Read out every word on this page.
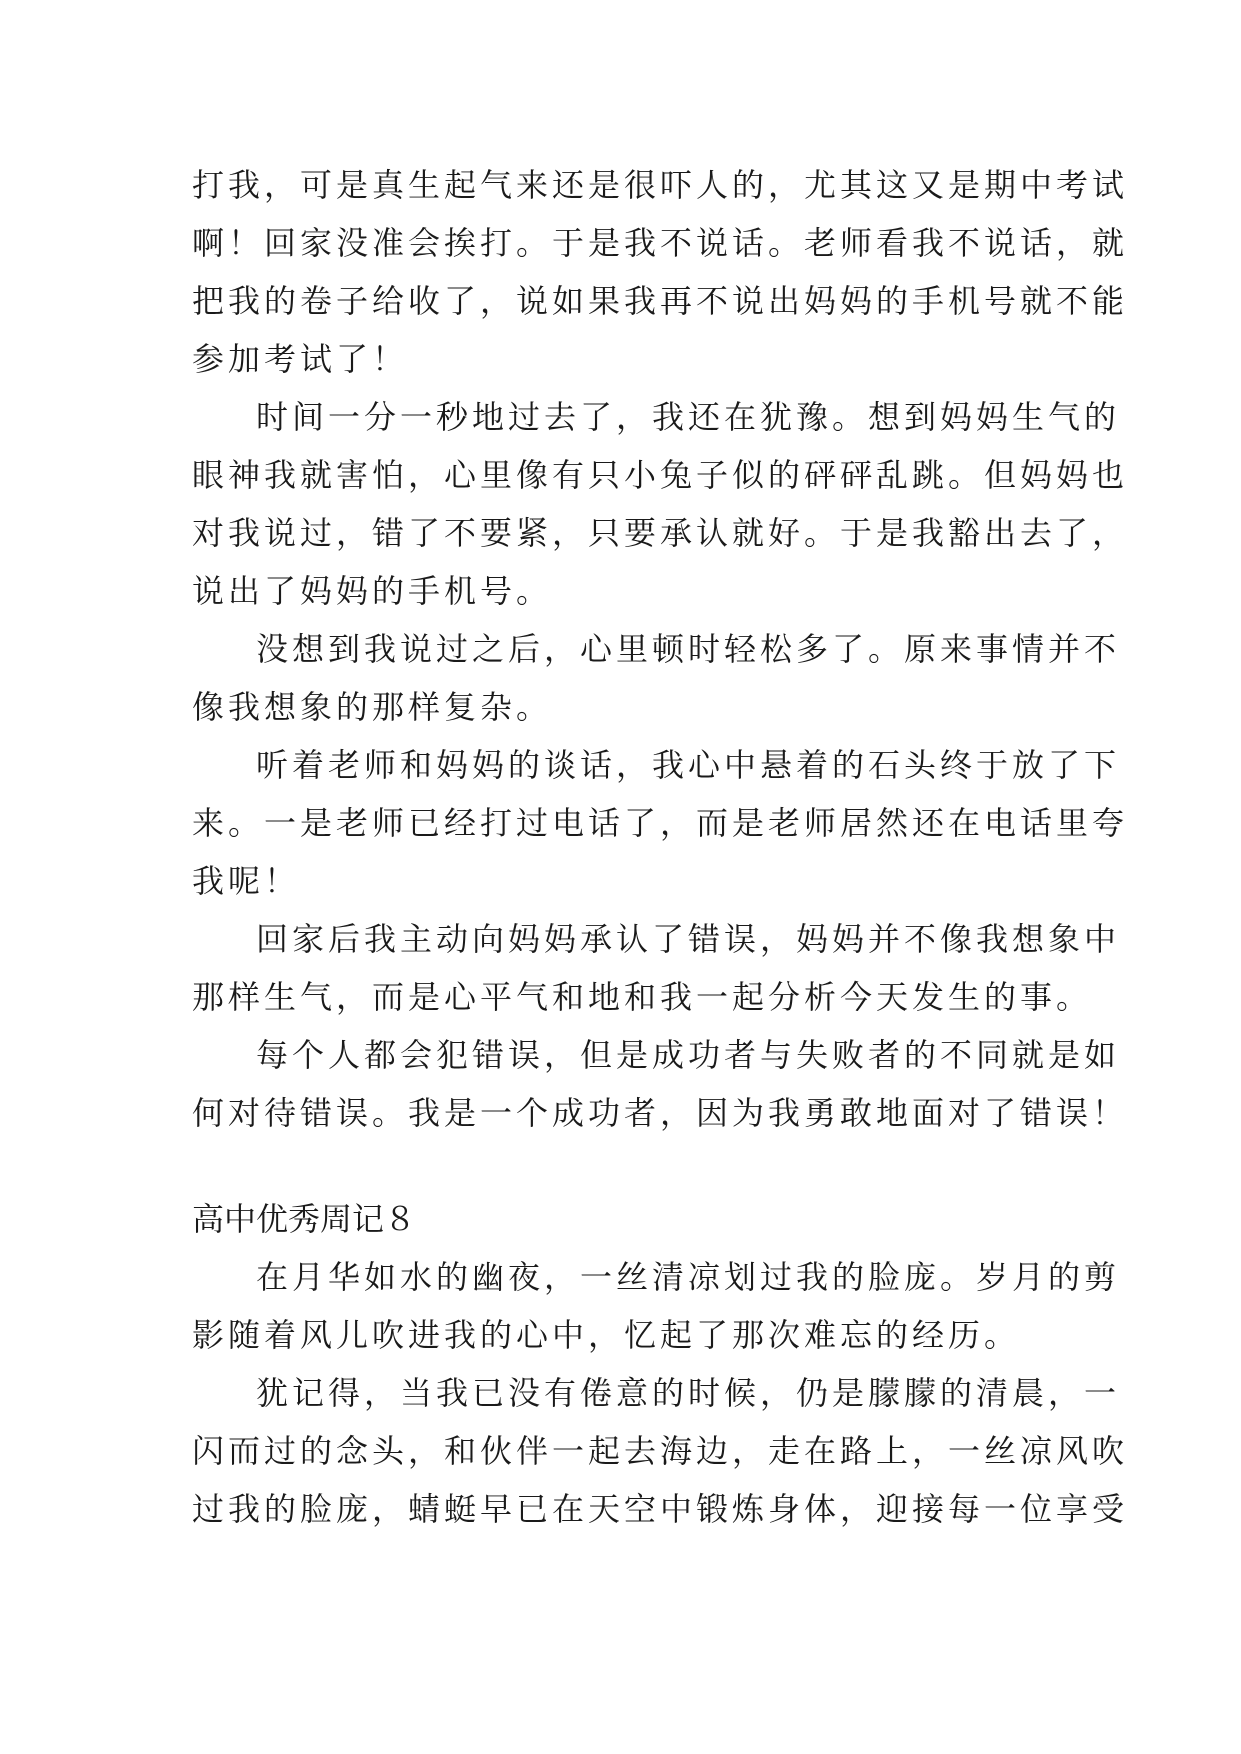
打我，可是真生起气来还是很吓人的，尤其这又是期中考试
啊！回家没准会挨打。于是我不说话。老师看我不说话，就
把我的卷子给收了，说如果我再不说出妈妈的手机号就不能
参加考试了！
时间一分一秒地过去了，我还在犹豫。想到妈妈生气的
眼神我就害怕，心里像有只小兔子似的砰砰乱跳。但妈妈也
对我说过，错了不要紧，只要承认就好。于是我豁出去了，
说出了妈妈的手机号。
没想到我说过之后，心里顿时轻松多了。原来事情并不
像我想象的那样复杂。
听着老师和妈妈的谈话，我心中悬着的石头终于放了下
来。一是老师已经打过电话了，而是老师居然还在电话里夸
我呢！
回家后我主动向妈妈承认了错误，妈妈并不像我想象中
那样生气，而是心平气和地和我一起分析今天发生的事。
每个人都会犯错误，但是成功者与失败者的不同就是如
何对待错误。我是一个成功者，因为我勇敢地面对了错误！
高中优秀周记８
在月华如水的幽夜，一丝清凉划过我的脸庞。岁月的剪
影随着风儿吹进我的心中，忆起了那次难忘的经历。
犹记得，当我已没有倦意的时候，仍是朦朦的清晨，一
闪而过的念头，和伙伴一起去海边，走在路上，一丝凉风吹
过我的脸庞，蜻蜓早已在天空中锻炼身体，迎接每一位享受
